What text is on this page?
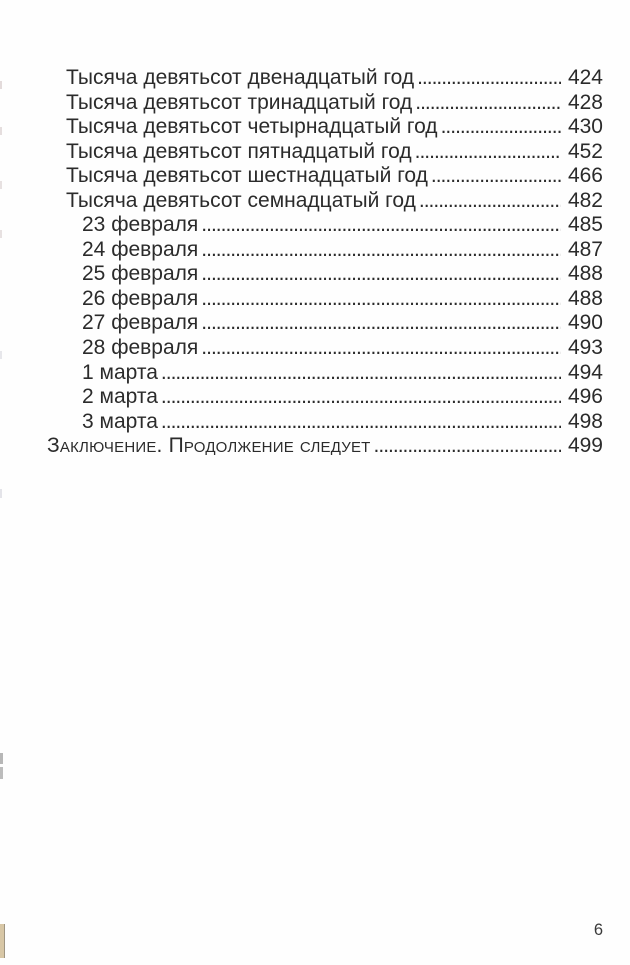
Тысяча девятьсот двенадцатый год .....	424
Тысяча девятьсот тринадцатый год .....	428
Тысяча девятьсот четырнадцатый год .....	430
Тысяча девятьсот пятнадцатый год .....	452
Тысяча девятьсот шестнадцатый год .....	466
Тысяча девятьсот семнадцатый год .....	482
23 февраля .....	485
24 февраля .....	487
25 февраля .....	488
26 февраля .....	488
27 февраля .....	490
28 февраля .....	493
1 марта .....	494
2 марта .....	496
3 марта .....	498
Заключение. Продолжение следует .....	499
6
